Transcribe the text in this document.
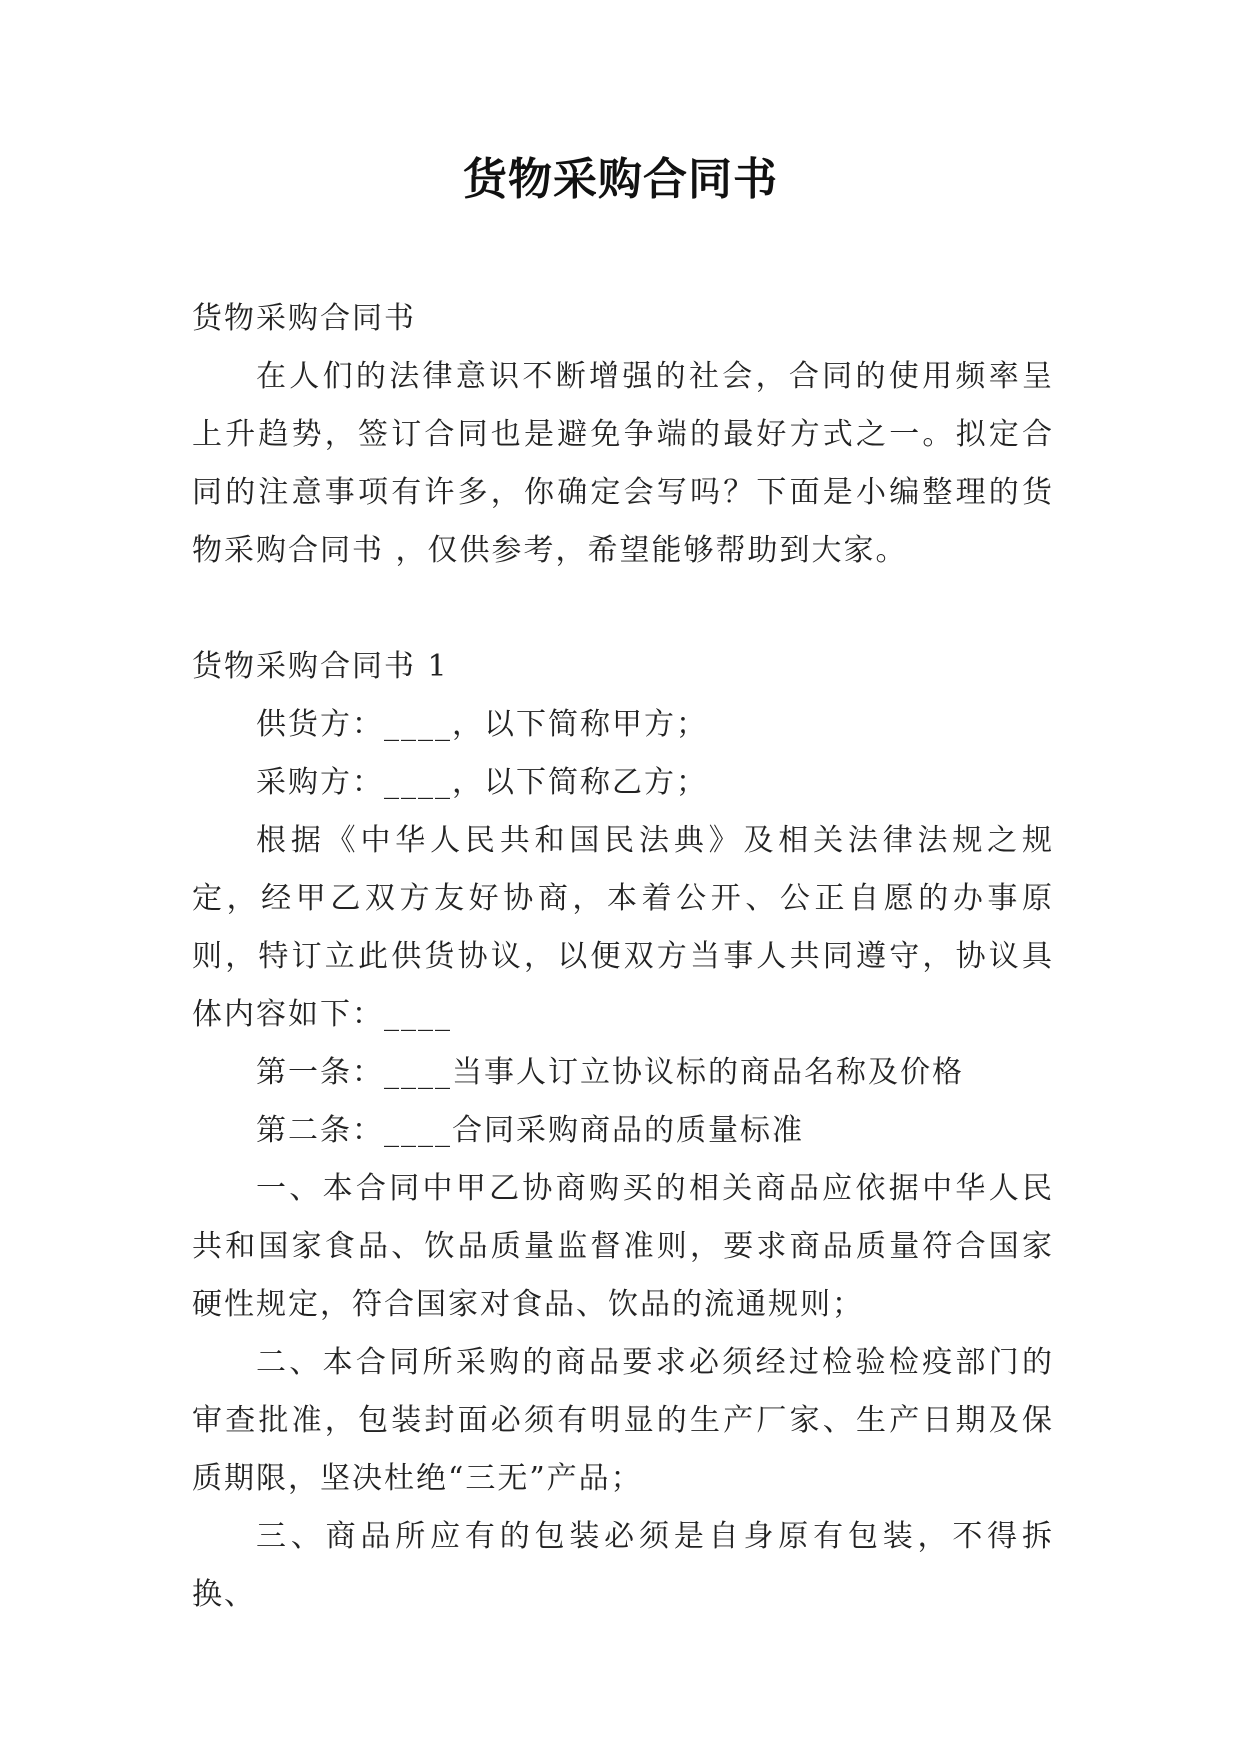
货物采购合同书

货物采购合同书

在人们的法律意识不断增强的社会，合同的使用频率呈上升趋势，签订合同也是避免争端的最好方式之一。拟定合同的注意事项有许多，你确定会写吗？下面是小编整理的货物采购合同书 ，仅供参考，希望能够帮助到大家。

货物采购合同书 1

供货方：____，以下简称甲方；

采购方：____，以下简称乙方；

根据《中华人民共和国民法典》及相关法律法规之规定，经甲乙双方友好协商，本着公开、公正自愿的办事原则，特订立此供货协议，以便双方当事人共同遵守，协议具体内容如下：____

第一条：____当事人订立协议标的商品名称及价格

第二条：____合同采购商品的质量标准

一、本合同中甲乙协商购买的相关商品应依据中华人民共和国家食品、饮品质量监督准则，要求商品质量符合国家硬性规定，符合国家对食品、饮品的流通规则；

二、本合同所采购的商品要求必须经过检验检疫部门的审查批准，包装封面必须有明显的生产厂家、生产日期及保质期限，坚决杜绝“三无”产品；

三、商品所应有的包装必须是自身原有包装，不得拆换、
